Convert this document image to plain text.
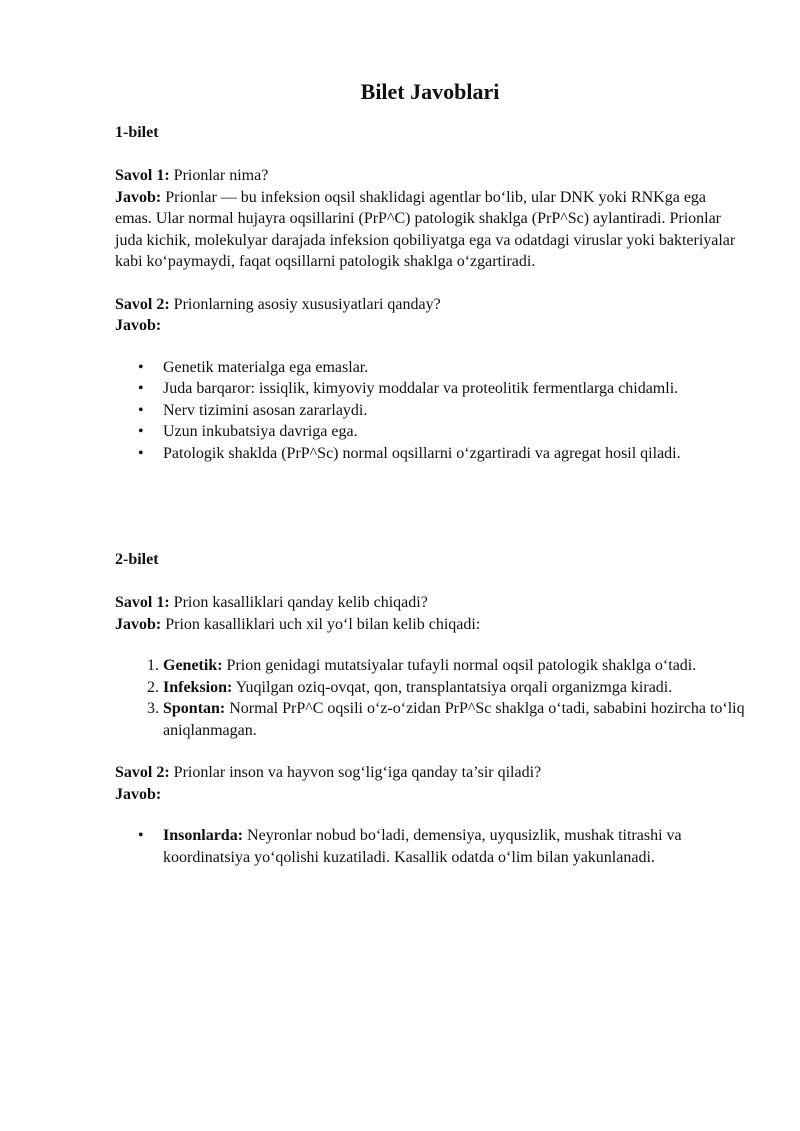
Bilet Javoblari
1-bilet

Savol 1: Prionlar nima?

Javob: Prionlar — bu infeksion oqsil shaklidagi agentlar bo‘lib, ular DNK yoki RNKga ega emas. Ular normal hujayra oqsillarini (PrP^C) patologik shaklga (PrP^Sc) aylantiradi. Prionlar juda kichik, molekulyar darajada infeksion qobiliyatga ega va odatdagi viruslar yoki bakteriyalar kabi ko‘paymaydi, faqat oqsillarni patologik shaklga o‘zgartiradi.

Savol 2: Prionlarning asosiy xususiyatlari qanday?

Javob:

• Genetik materialga ega emaslar.
• Juda barqaror: issiqlik, kimyoviy moddalar va proteolitik fermentlarga chidamli.
• Nerv tizimini asosan zararlaydi.
• Uzun inkubatsiya davriga ega.
• Patologik shaklda (PrP^Sc) normal oqsillarni o‘zgartiradi va agregat hosil qiladi.
2-bilet

Savol 1: Prion kasalliklari qanday kelib chiqadi?

Javob: Prion kasalliklari uch xil yo‘l bilan kelib chiqadi:

1. Genetik: Prion genidagi mutatsiyalar tufayli normal oqsil patologik shaklga o‘tadi.
2. Infeksion: Yuqilgan oziq-ovqat, qon, transplantatsiya orqali organizmga kiradi.
3. Spontan: Normal PrP^C oqsili o‘z-o‘zidan PrP^Sc shaklga o‘tadi, sababini hozircha to‘liq aniqlanmagan.

Savol 2: Prionlar inson va hayvon sog‘lig‘iga qanday ta’sir qiladi?

Javob:

• Insonlarda: Neyronlar nobud bo‘ladi, demensiya, uyqusizlik, mushak titrashi va koordinatsiya yo‘qolishi kuzatiladi. Kasallik odatda o‘lim bilan yakunlanadi.
